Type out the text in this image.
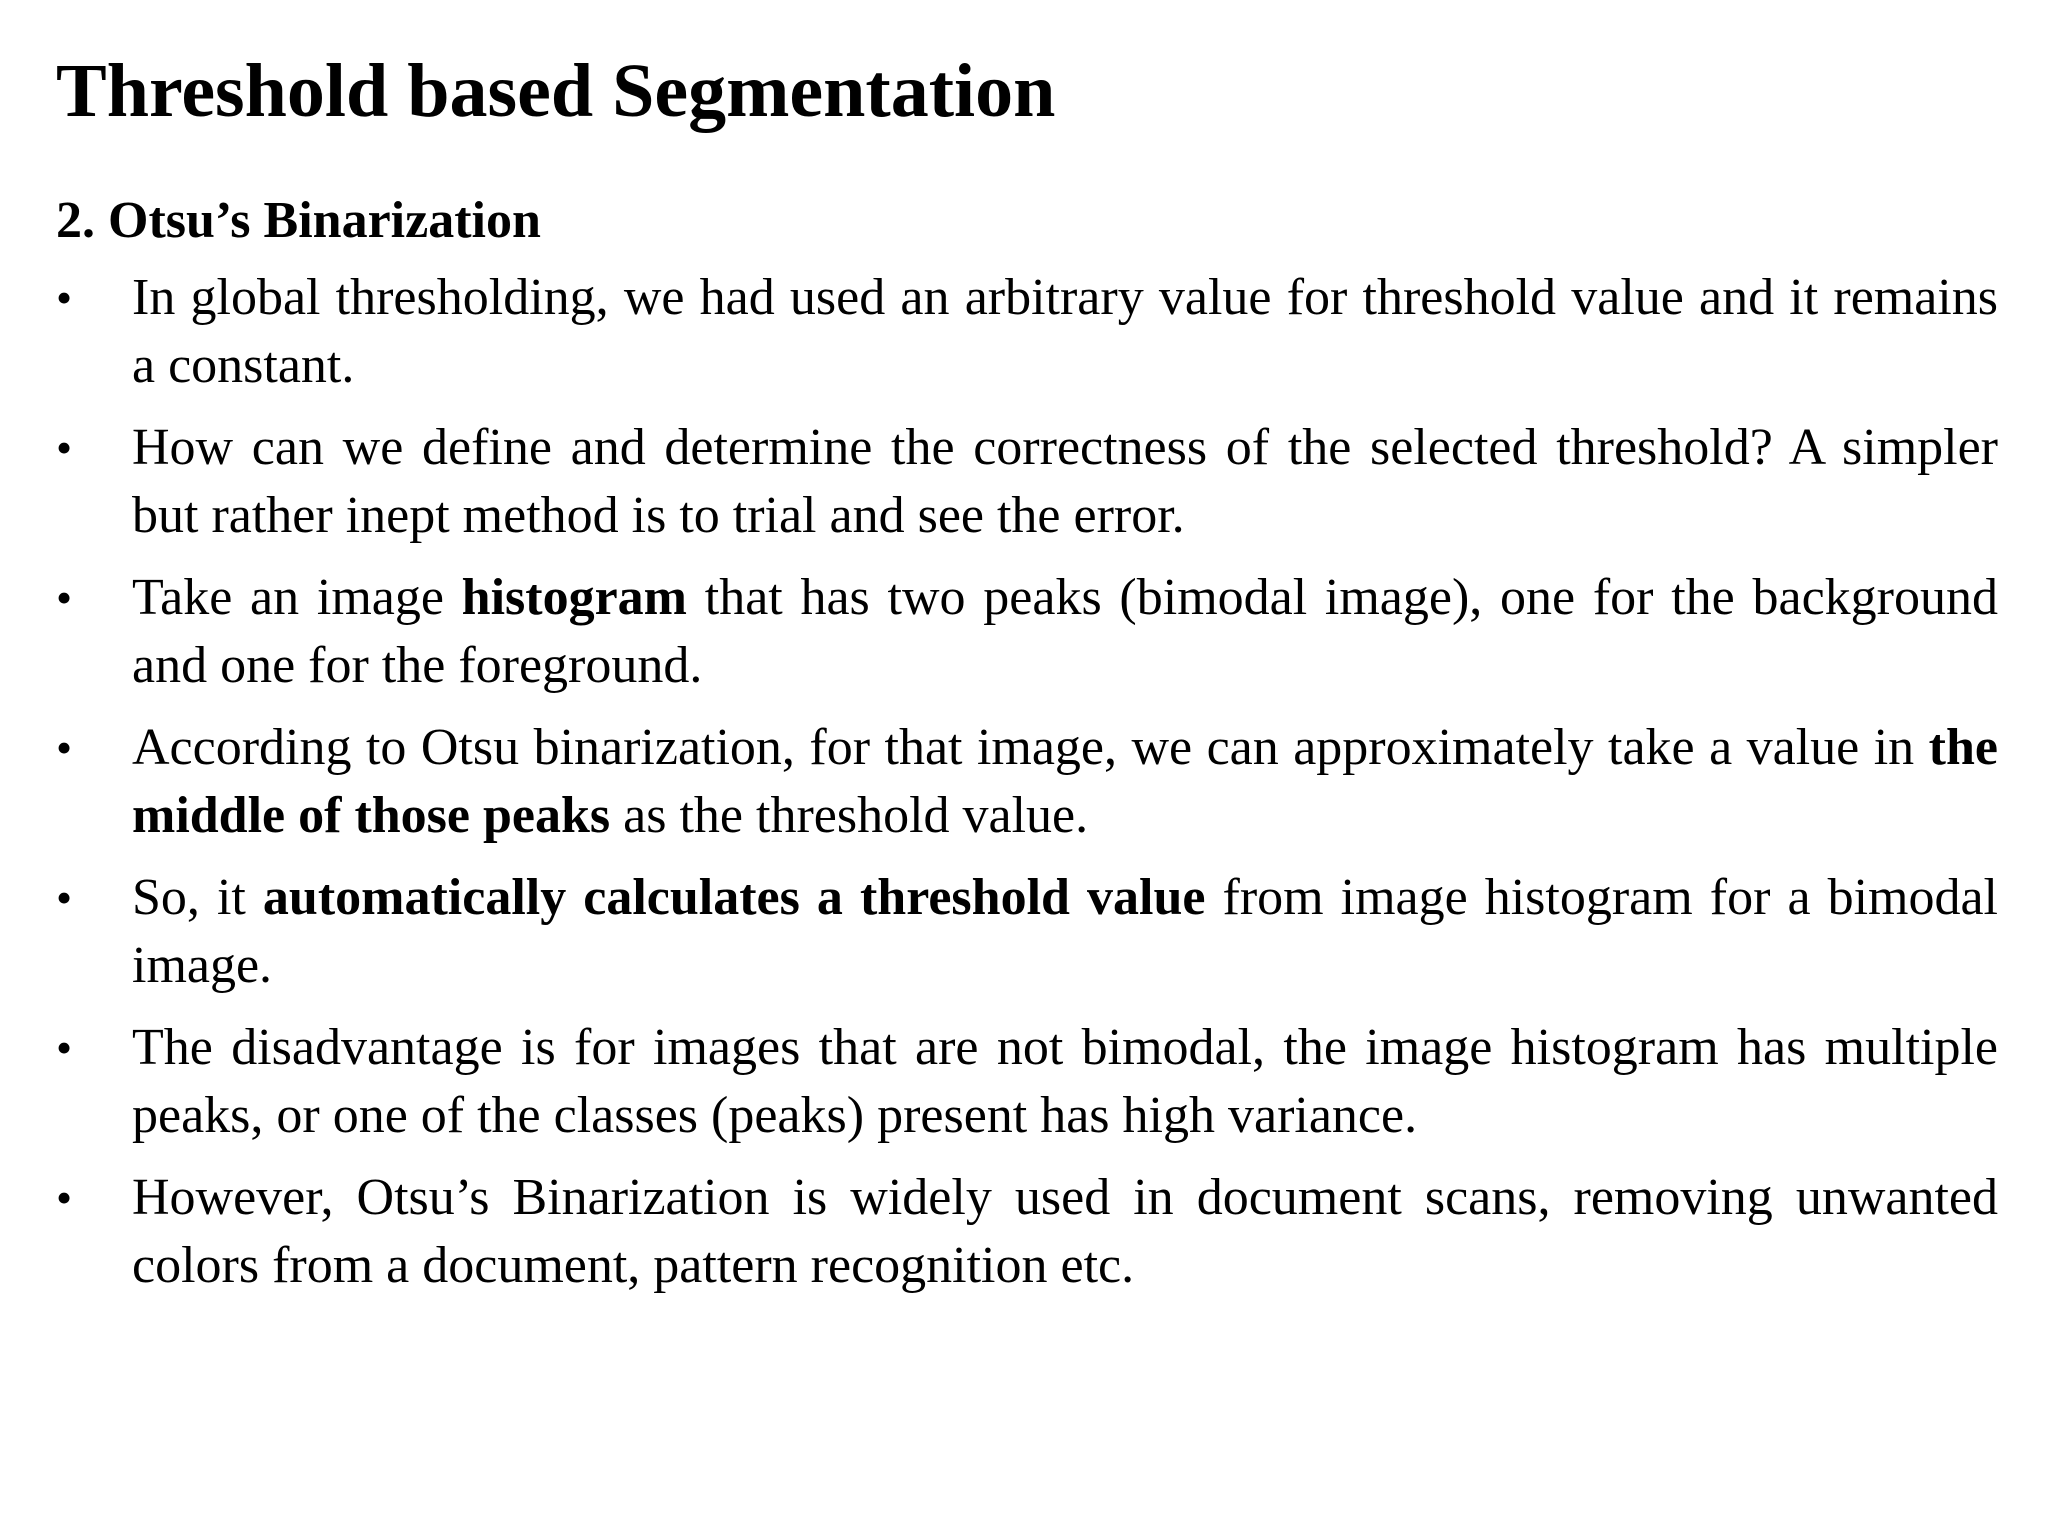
Threshold based Segmentation
2. Otsu’s Binarization
•	In global thresholding, we had used an arbitrary value for threshold value and it remains a constant.
•	How can we define and determine the correctness of the selected threshold? A simpler but rather inept method is to trial and see the error.
•	Take an image histogram that has two peaks (bimodal image), one for the background and one for the foreground.
•	According to Otsu binarization, for that image, we can approximately take a value in the middle of those peaks as the threshold value.
•	So, it automatically calculates a threshold value from image histogram for a bimodal image.
•	The disadvantage is for images that are not bimodal, the image histogram has multiple peaks, or one of the classes (peaks) present has high variance.
•	However, Otsu’s Binarization is widely used in document scans, removing unwanted colors from a document, pattern recognition etc.
